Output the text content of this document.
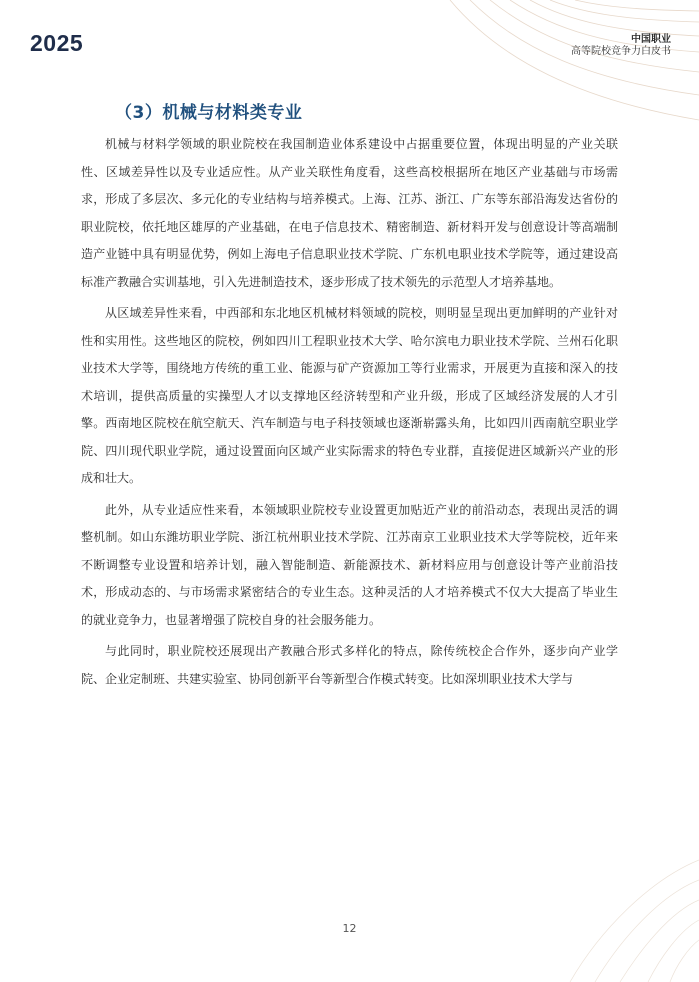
2025	中国职业
高等院校竞争力白皮书
（3）机械与材料类专业

机械与材料学领域的职业院校在我国制造业体系建设中占据重要位置，体现出明显的产业关联性、区域差异性以及专业适应性。从产业关联性角度看，这些高校根据所在地区产业基础与市场需求，形成了多层次、多元化的专业结构与培养模式。上海、江苏、浙江、广东等东部沿海发达省份的职业院校，依托地区雄厚的产业基础，在电子信息技术、精密制造、新材料开发与创意设计等高端制造产业链中具有明显优势，例如上海电子信息职业技术学院、广东机电职业技术学院等，通过建设高标准产教融合实训基地，引入先进制造技术，逐步形成了技术领先的示范型人才培养基地。

从区域差异性来看，中西部和东北地区机械材料领域的院校，则明显呈现出更加鲜明的产业针对性和实用性。这些地区的院校，例如四川工程职业技术大学、哈尔滨电力职业技术学院、兰州石化职业技术大学等，围绕地方传统的重工业、能源与矿产资源加工等行业需求，开展更为直接和深入的技术培训，提供高质量的实操型人才以支撑地区经济转型和产业升级，形成了区域经济发展的人才引擎。西南地区院校在航空航天、汽车制造与电子科技领域也逐渐崭露头角，比如四川西南航空职业学院、四川现代职业学院，通过设置面向区域产业实际需求的特色专业群，直接促进区域新兴产业的形成和壮大。

此外，从专业适应性来看，本领域职业院校专业设置更加贴近产业的前沿动态，表现出灵活的调整机制。如山东潍坊职业学院、浙江杭州职业技术学院、江苏南京工业职业技术大学等院校，近年来不断调整专业设置和培养计划，融入智能制造、新能源技术、新材料应用与创意设计等产业前沿技术，形成动态的、与市场需求紧密结合的专业生态。这种灵活的人才培养模式不仅大大提高了毕业生的就业竞争力，也显著增强了院校自身的社会服务能力。

与此同时，职业院校还展现出产教融合形式多样化的特点，除传统校企合作外，逐步向产业学院、企业定制班、共建实验室、协同创新平台等新型合作模式转变。比如深圳职业技术大学与

12
